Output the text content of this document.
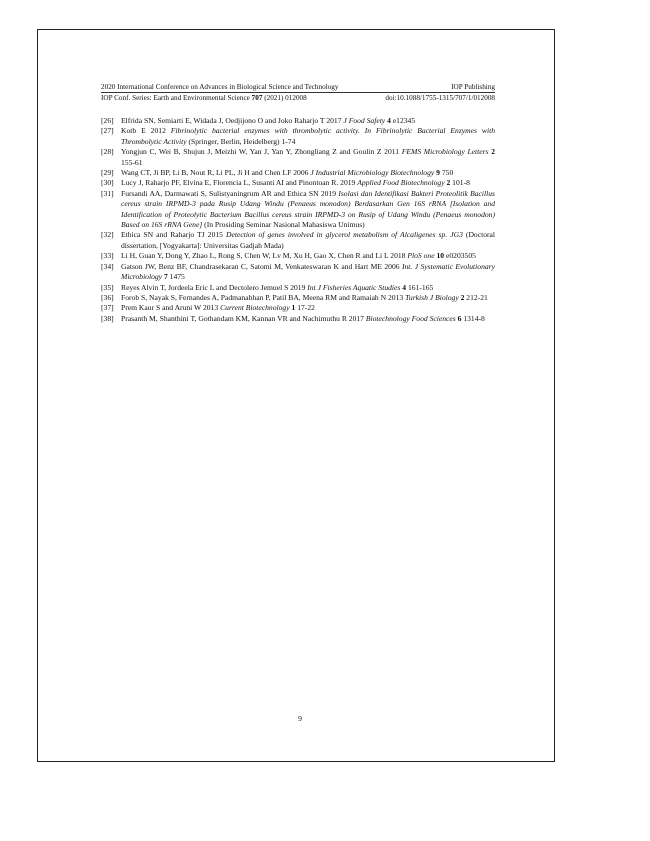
2020 International Conference on Advances in Biological Science and Technology	IOP Publishing
IOP Conf. Series: Earth and Environmental Science 707 (2021) 012008	doi:10.1088/1755-1315/707/1/012008
[26] Elfrida SN, Semiarti E, Widada J, Oedjijono O and Joko Raharjo T 2017 J Food Safety 4 e12345
[27] Kotb E 2012 Fibrinolytic bacterial enzymes with thrombolytic activity. In Fibrinolytic Bacterial Enzymes with Thrombolytic Activity (Springer, Berlin, Heidelberg) 1-74
[28] Yongjun C, Wei B, Shujun J, Meizhi W, Yan J, Yan Y, Zhongliang Z and Goulin Z 2011 FEMS Microbiology Letters 2 155-61
[29] Wang CT, Ji BP, Li B, Nout R, Li PL, Ji H and Chen LF 2006 J Industrial Microbiology Biotechnology 9 750
[30] Lucy J, Raharjo PF, Elvina E, Florencia L, Susanti AI and Pinontoan R. 2019 Applied Food Biotechnology 2 101-8
[31] Fursandi AA, Darmawati S, Sulistyaningrum AR and Ethica SN 2019 Isolasi dan Identifikasi Bakteri Proteolitik Bacillus cereus strain IRPMD-3 pada Rusip Udang Windu (Penaeus monodon) Berdasarkan Gen 16S rRNA [Isolation and Identification of Proteolytic Bacterium Bacillus cereus strain IRPMD-3 on Rusip of Udang Windu (Penaeus monodon) Based on 16S rRNA Gene] (In Prosiding Seminar Nasional Mahasiswa Unimus)
[32] Ethica SN and Raharjo TJ 2015 Detection of genes involved in glycerol metabolism of Alcaligenes sp. JG3 (Doctoral dissertation, [Yogyakarta]: Universitas Gadjah Mada)
[33] Li H, Guan Y, Dong Y, Zhao L, Rong S, Chen W, Lv M, Xu H, Gao X, Chen R and Li L 2018 PloS one 10 e0203505
[34] Gatson JW, Benz BF, Chandrasekaran C, Satomi M, Venkateswaran K and Hart ME 2006 Int. J Systematic Evolutionary Microbiology 7 1475
[35] Reyes Alvin T, Jordeela Eric L and Dectolero Jemuel S 2019 Int J Fisheries Aquatic Studies 4 161-165
[36] Forob S, Nayak S, Fernandes A, Padmanabhan P, Patil BA, Meena RM and Ramaiah N 2013 Turkish J Biology 2 212-21
[37] Prem Kaur S and Aruni W 2013 Current Biotechnology 1 17-22
[38] Prasanth M, Shanthini T, Gothandam KM, Kannan VR and Nachimuthu R 2017 Biotechnology Food Sciences 6 1314-8
9
